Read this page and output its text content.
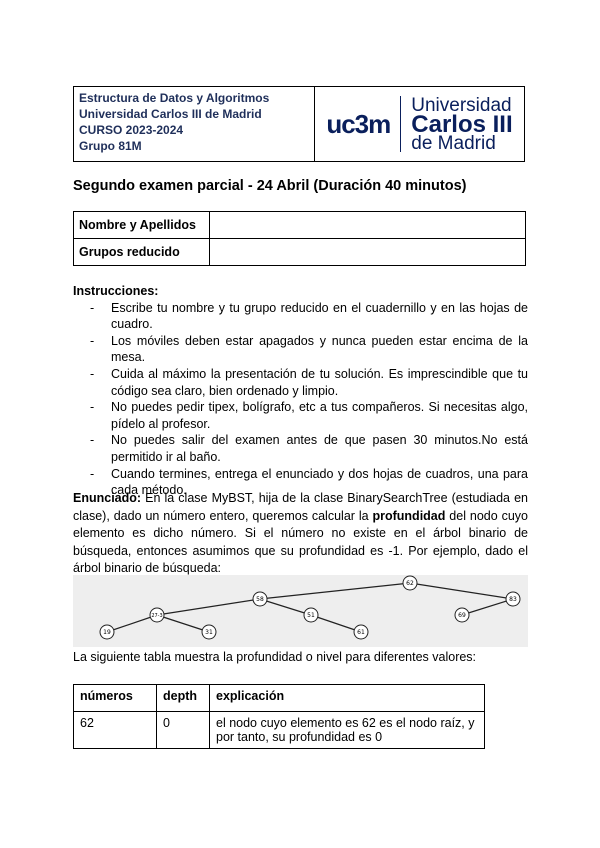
Estructura de Datos y Algoritmos
Universidad Carlos III de Madrid
CURSO 2023-2024
Grupo 81M
uc3m
Universidad
Carlos III
de Madrid
Segundo examen parcial - 24 Abril (Duración 40 minutos)
Nombre y Apellidos	
Grupos reducido	
Instrucciones:
- Escribe tu nombre y tu grupo reducido en el cuadernillo y en las hojas de cuadro.
- Los móviles deben estar apagados y nunca pueden estar encima de la mesa.
- Cuida al máximo la presentación de tu solución. Es imprescindible que tu código sea claro, bien ordenado y limpio.
- No puedes pedir tipex, bolígrafo, etc a tus compañeros. Si necesitas algo, pídelo al profesor.
- No puedes salir del examen antes de que pasen 30 minutos.No está permitido ir al baño.
- Cuando termines, entrega el enunciado y dos hojas de cuadros, una para cada método.
Enunciado: En la clase MyBST, hija de la clase BinarySearchTree (estudiada en clase), dado un número entero, queremos calcular la profundidad del nodo cuyo elemento es dicho número. Si el número no existe en el árbol binario de búsqueda, entonces asumimos que su profundidad es -1. Por ejemplo, dado el árbol binario de búsqueda:
62
58	83
27-3	51	69
19	31	61
La siguiente tabla muestra la profundidad o nivel para diferentes valores:
números	depth	explicación
62	0	el nodo cuyo elemento es 62 es el nodo raíz, y por tanto, su profundidad es 0
